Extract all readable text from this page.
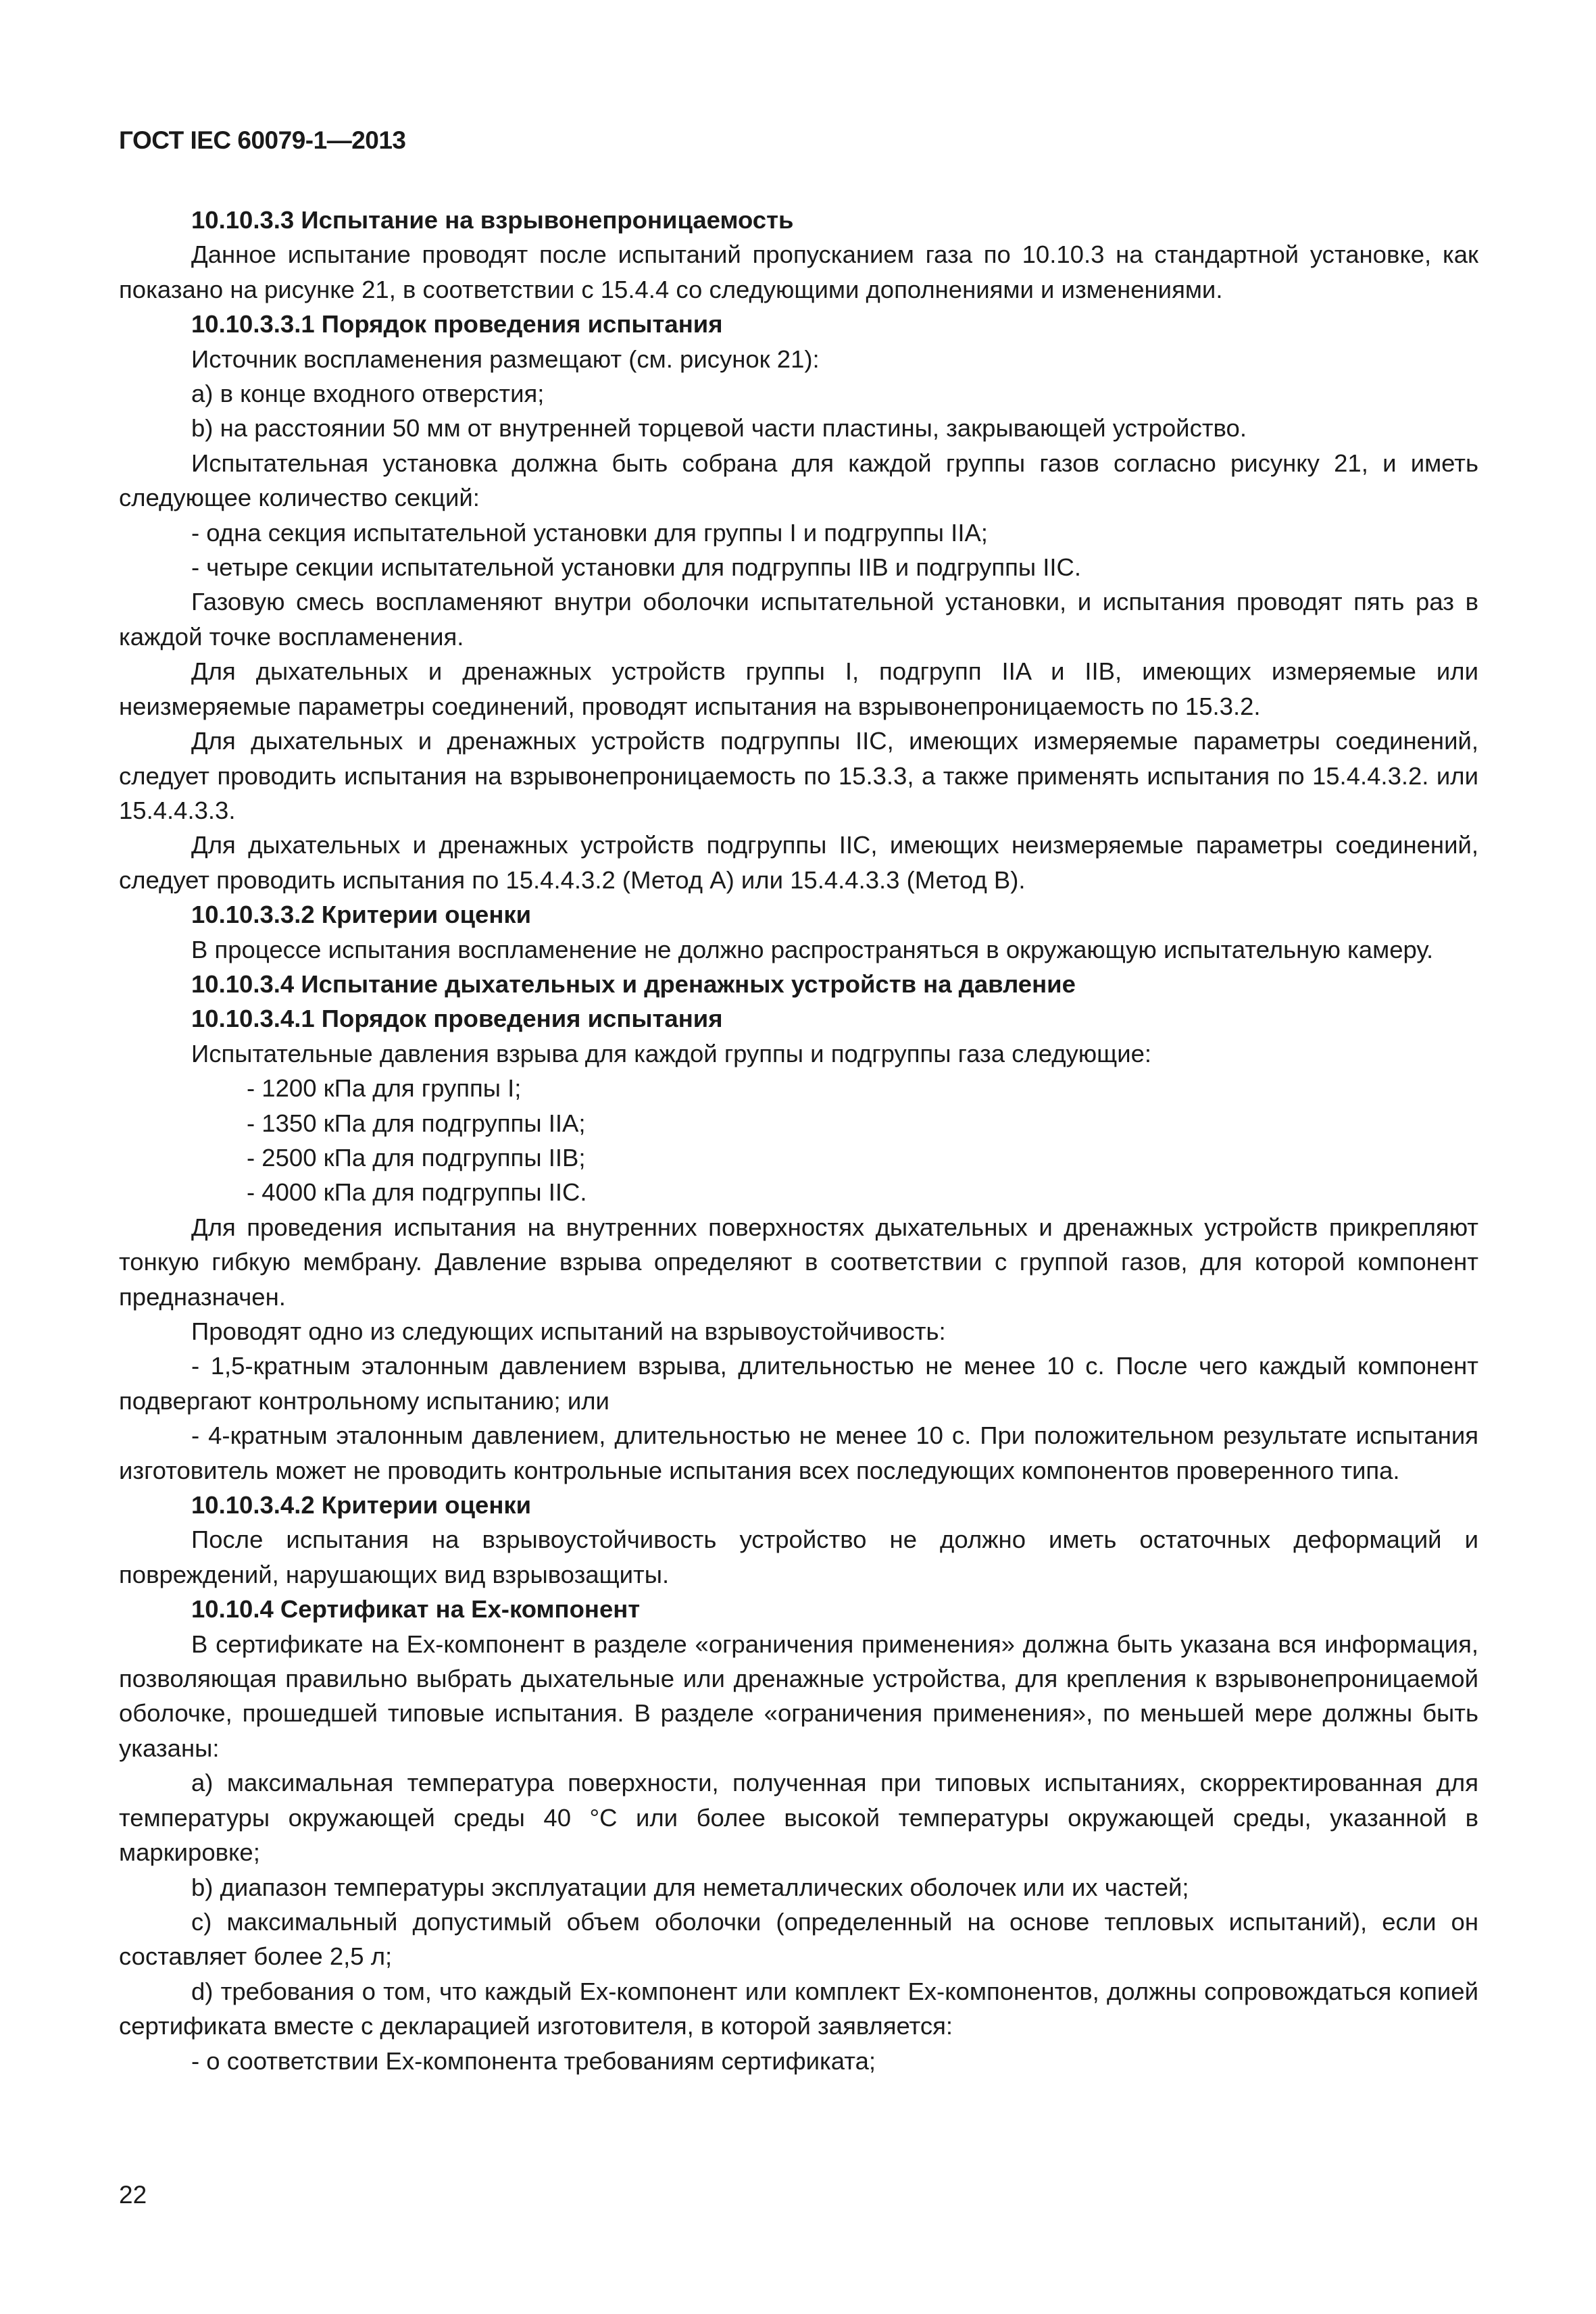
ГОСТ IEC 60079-1—2013

10.10.3.3 Испытание на взрывонепроницаемость

Данное испытание проводят после испытаний пропусканием газа по 10.10.3 на стандартной установке, как показано на рисунке 21, в соответствии с 15.4.4 со следующими дополнениями и изменениями.

10.10.3.3.1 Порядок проведения испытания

Источник воспламенения размещают (см. рисунок 21):

а) в конце входного отверстия;

b) на расстоянии 50 мм от внутренней торцевой части пластины, закрывающей устройство.

Испытательная установка должна быть собрана для каждой группы газов согласно рисунку 21, и иметь следующее количество секций:

- одна секция испытательной установки для группы I и подгруппы IIA;

- четыре секции испытательной установки для подгруппы IIB и подгруппы IIC.

Газовую смесь воспламеняют внутри оболочки испытательной установки, и испытания проводят пять раз в каждой точке воспламенения.

Для дыхательных и дренажных устройств группы I, подгрупп IIA и IIB, имеющих измеряемые или неизмеряемые параметры соединений, проводят испытания на взрывонепроницаемость по 15.3.2.

Для дыхательных и дренажных устройств подгруппы IIC, имеющих измеряемые параметры соединений, следует проводить испытания на взрывонепроницаемость по 15.3.3, а также применять испытания по 15.4.4.3.2. или 15.4.4.3.3.

Для дыхательных и дренажных устройств подгруппы IIC, имеющих неизмеряемые параметры соединений, следует проводить испытания по 15.4.4.3.2 (Метод А) или 15.4.4.3.3 (Метод В).

10.10.3.3.2 Критерии оценки

В процессе испытания воспламенение не должно распространяться в окружающую испытательную камеру.

10.10.3.4 Испытание дыхательных и дренажных устройств на давление

10.10.3.4.1 Порядок проведения испытания

Испытательные давления взрыва для каждой группы и подгруппы газа следующие:

- 1200 кПа для группы I;

- 1350 кПа для подгруппы IIA;

- 2500 кПа для подгруппы IIB;

- 4000 кПа для подгруппы IIC.

Для проведения испытания на внутренних поверхностях дыхательных и дренажных устройств прикрепляют тонкую гибкую мембрану. Давление взрыва определяют в соответствии с группой газов, для которой компонент предназначен.

Проводят одно из следующих испытаний на взрывоустойчивость:

- 1,5-кратным эталонным давлением взрыва, длительностью не менее 10 с. После чего каждый компонент подвергают контрольному испытанию; или

- 4-кратным эталонным давлением, длительностью не менее 10 с. При положительном результате испытания изготовитель может не проводить контрольные испытания всех последующих компонентов проверенного типа.

10.10.3.4.2 Критерии оценки

После испытания на взрывоустойчивость устройство не должно иметь остаточных деформаций и повреждений, нарушающих вид взрывозащиты.

10.10.4 Сертификат на Ex-компонент

В сертификате на Ex-компонент в разделе «ограничения применения» должна быть указана вся информация, позволяющая правильно выбрать дыхательные или дренажные устройства, для крепления к взрывонепроницаемой оболочке, прошедшей типовые испытания. В разделе «ограничения применения», по меньшей мере должны быть указаны:

а) максимальная температура поверхности, полученная при типовых испытаниях, скорректированная для температуры окружающей среды 40 °С или более высокой температуры окружающей среды, указанной в маркировке;

b) диапазон температуры эксплуатации для неметаллических оболочек или их частей;

c) максимальный допустимый объем оболочки (определенный на основе тепловых испытаний), если он составляет более 2,5 л;

d) требования о том, что каждый Ex-компонент или комплект Ex-компонентов, должны сопровождаться копией сертификата вместе с декларацией изготовителя, в которой заявляется:

- о соответствии Ex-компонента требованиям сертификата;

22
